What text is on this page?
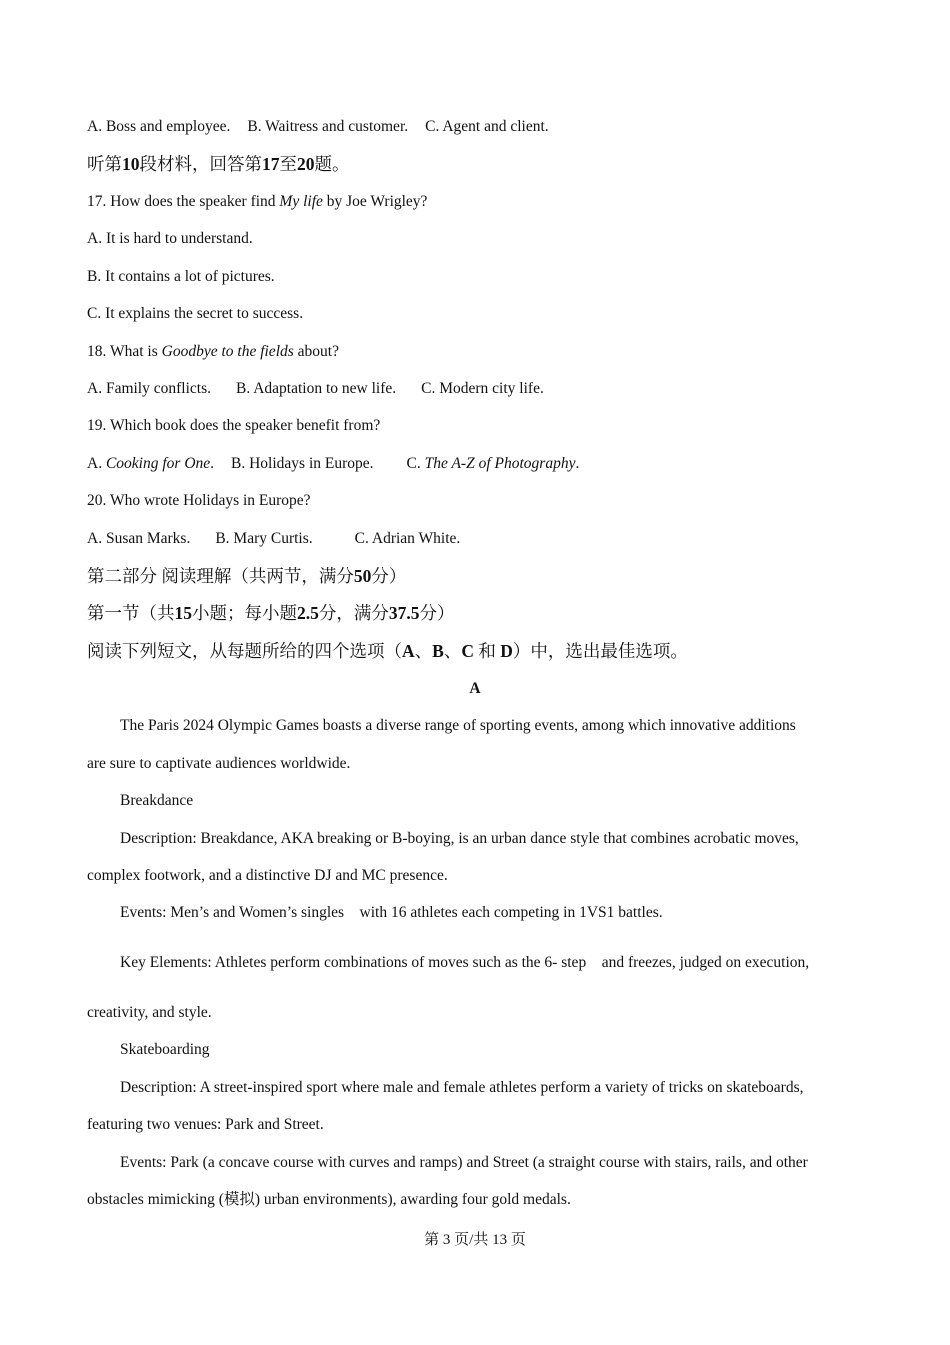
A. Boss and employee. B. Waitress and customer. C. Agent and client.
听第10段材料，回答第17至20题。
17. How does the speaker find My life by Joe Wrigley?
A. It is hard to understand.
B. It contains a lot of pictures.
C. It explains the secret to success.
18. What is Goodbye to the fields about?
A. Family conflicts. B. Adaptation to new life. C. Modern city life.
19. Which book does the speaker benefit from?
A. Cooking for One. B. Holidays in Europe. C. The A-Z of Photography.
20. Who wrote Holidays in Europe?
A. Susan Marks. B. Mary Curtis.	C. Adrian White.
第二部分 阅读理解（共两节，满分50分）
第一节（共15小题；每小题2.5分，满分37.5分）
阅读下列短文，从每题所给的四个选项（A、B、C 和 D）中，选出最佳选项。
A
The Paris 2024 Olympic Games boasts a diverse range of sporting events, among which innovative additions
are sure to captivate audiences worldwide.
Breakdance
Description: Breakdance, AKA breaking or B-boying, is an urban dance style that combines acrobatic moves,
complex footwork, and a distinctive DJ and MC presence.
Events: Men’s and Women’s singles    with 16 athletes each competing in 1VS1 battles.
Key Elements: Athletes perform combinations of moves such as the 6- step    and freezes, judged on execution,
creativity, and style.
Skateboarding
Description: A street-inspired sport where male and female athletes perform a variety of tricks on skateboards,
featuring two venues: Park and Street.
Events: Park (a concave course with curves and ramps) and Street (a straight course with stairs, rails, and other
obstacles mimicking (模拟) urban environments), awarding four gold medals.
第 3 页/共 13 页
